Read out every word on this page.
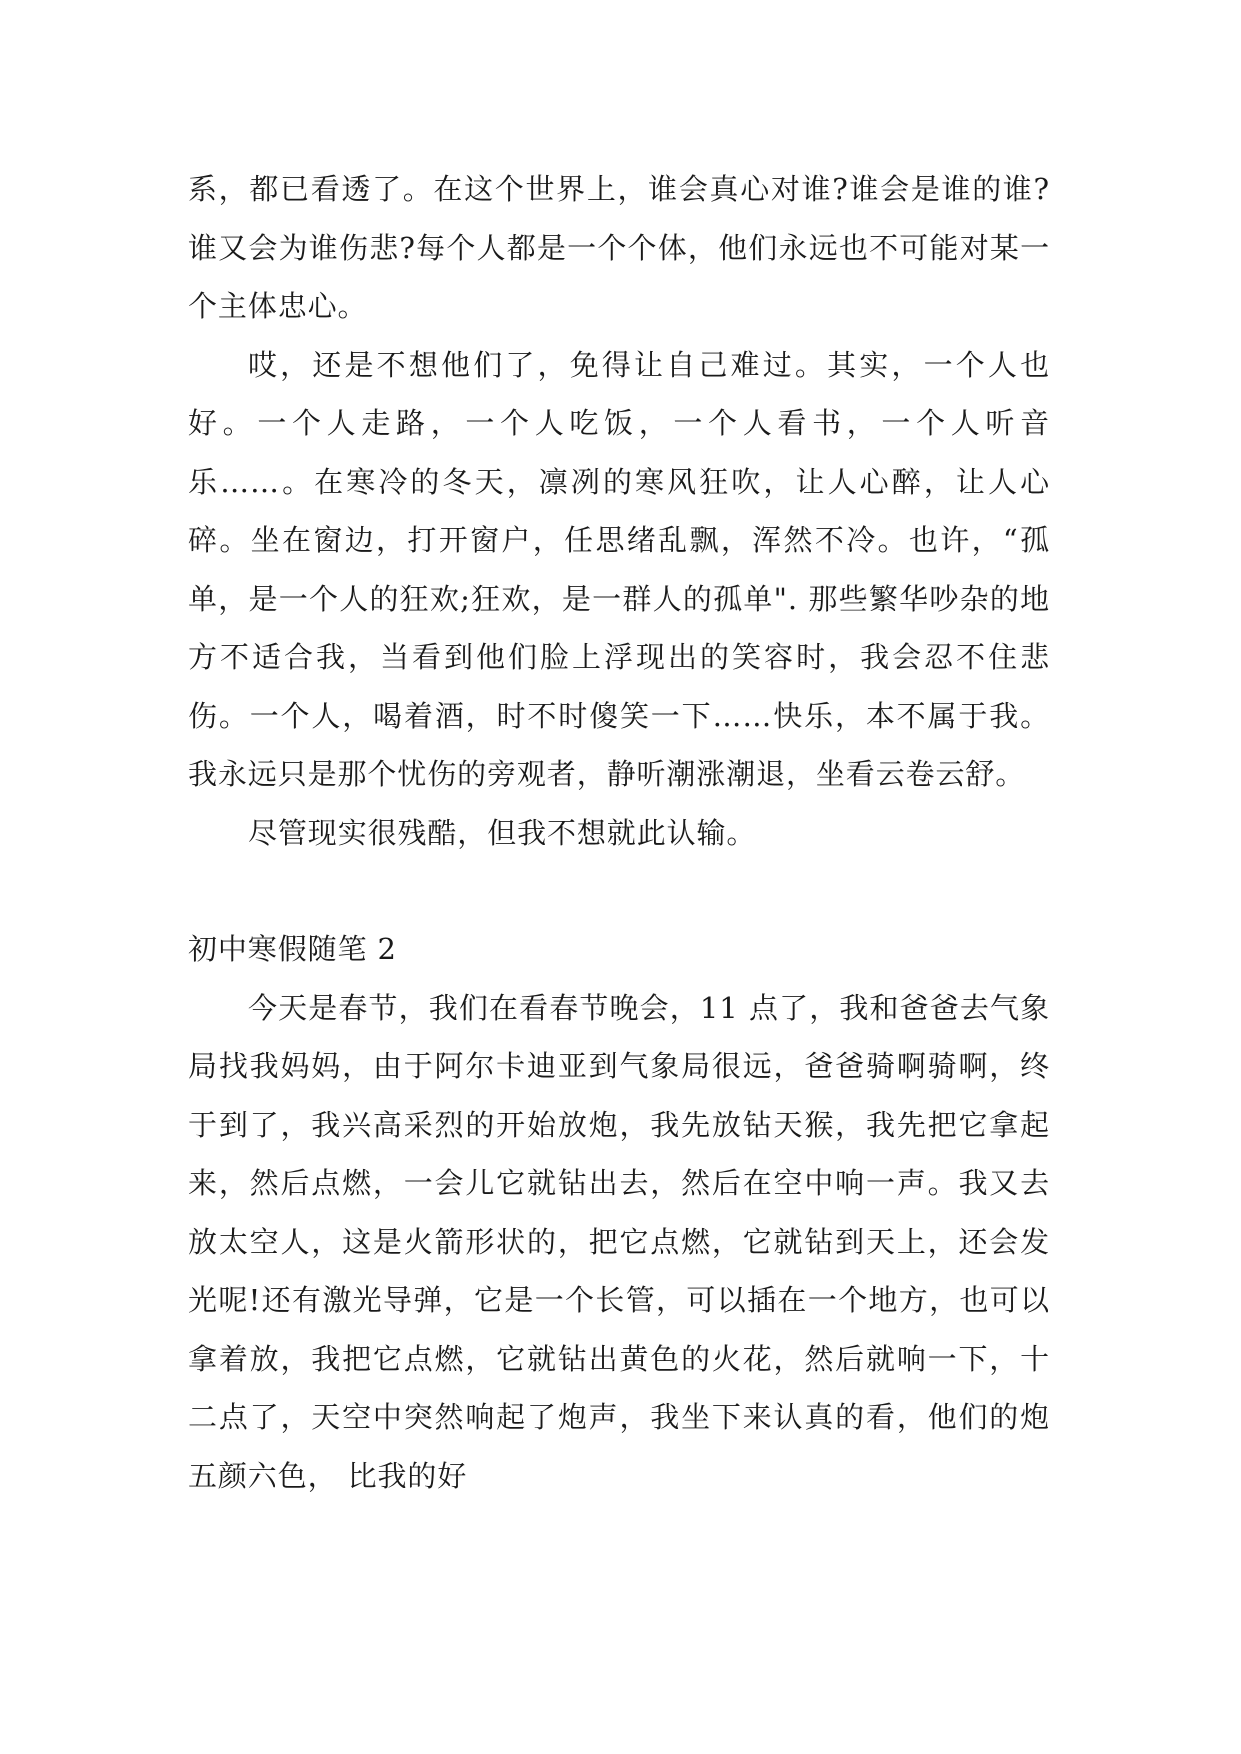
系，都已看透了。在这个世界上，谁会真心对谁?谁会是谁的谁?谁又会为谁伤悲?每个人都是一个个体，他们永远也不可能对某一个主体忠心。

哎，还是不想他们了，免得让自己难过。其实，一个人也好。一个人走路，一个人吃饭，一个人看书，一个人听音乐……。在寒冷的冬天，凛冽的寒风狂吹，让人心醉，让人心碎。坐在窗边，打开窗户，任思绪乱飘，浑然不冷。也许，“孤单，是一个人的狂欢;狂欢，是一群人的孤单". 那些繁华吵杂的地方不适合我，当看到他们脸上浮现出的笑容时，我会忍不住悲伤。一个人，喝着酒，时不时傻笑一下……快乐，本不属于我。我永远只是那个忧伤的旁观者，静听潮涨潮退，坐看云卷云舒。

尽管现实很残酷，但我不想就此认输。

初中寒假随笔 2

今天是春节，我们在看春节晚会，11 点了，我和爸爸去气象局找我妈妈，由于阿尔卡迪亚到气象局很远，爸爸骑啊骑啊，终于到了，我兴高采烈的开始放炮，我先放钻天猴，我先把它拿起来，然后点燃，一会儿它就钻出去，然后在空中响一声。我又去放太空人，这是火箭形状的，把它点燃，它就钻到天上，还会发光呢!还有激光导弹，它是一个长管，可以插在一个地方，也可以拿着放，我把它点燃，它就钻出黄色的火花，然后就响一下，十二点了，天空中突然响起了炮声，我坐下来认真的看，他们的炮五颜六色， 比我的好
